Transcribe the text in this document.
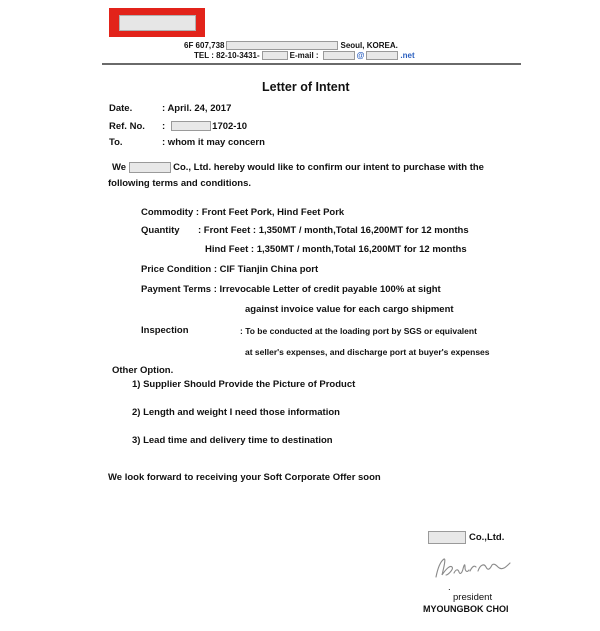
6F 607,738	Seoul, KOREA.
TEL : 82-10-3431-	E-mail :	@	.net
Letter of Intent
Date.	: April. 24, 2017
Ref. No. :	1702-10
To.	: whom it may concern
We	Co., Ltd. hereby would like to confirm our intent to purchase with the
following terms and conditions.
Commodity : Front Feet Pork, Hind Feet Pork
Quantity : Front Feet : 1,350MT / month,Total 16,200MT for 12 months
Hind Feet : 1,350MT / month,Total 16,200MT for 12 months
Price Condition : CIF Tianjin China port
Payment Terms : Irrevocable Letter of credit payable 100% at sight
against invoice value for each cargo shipment
Inspection	: To be conducted at the loading port by SGS or equivalent
at seller's expenses, and discharge port at buyer's expenses
Other Option.
1) Supplier Should Provide the Picture of Product
2) Length and weight I need those information
3) Lead time and delivery time to destination
We look forward to receiving your Soft Corporate Offer soon
Co.,Ltd.
.
president
MYOUNGBOK CHOI
